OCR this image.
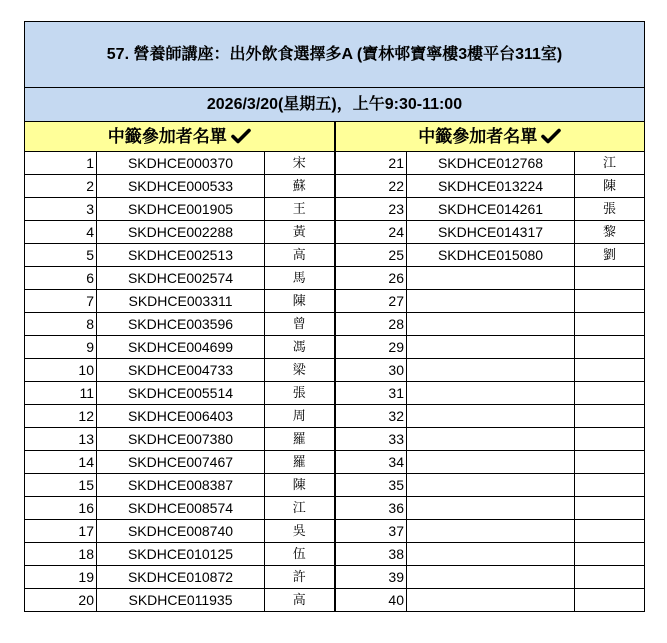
57. 營養師講座：出外飲食選擇多A (寶林邨寶寧樓3樓平台311室)					
2026/3/20(星期五)，上午9:30-11:00					
中籤參加者名單			中籤參加者名單		
1	SKDHCE000370	宋	21	SKDHCE012768	江
2	SKDHCE000533	蘇	22	SKDHCE013224	陳
3	SKDHCE001905	王	23	SKDHCE014261	張
4	SKDHCE002288	黃	24	SKDHCE014317	黎
5	SKDHCE002513	高	25	SKDHCE015080	劉
6	SKDHCE002574	馬	26		
7	SKDHCE003311	陳	27		
8	SKDHCE003596	曾	28		
9	SKDHCE004699	馮	29		
10	SKDHCE004733	梁	30		
11	SKDHCE005514	張	31		
12	SKDHCE006403	周	32		
13	SKDHCE007380	羅	33		
14	SKDHCE007467	羅	34		
15	SKDHCE008387	陳	35		
16	SKDHCE008574	江	36		
17	SKDHCE008740	吳	37		
18	SKDHCE010125	伍	38		
19	SKDHCE010872	許	39		
20	SKDHCE011935	高	40		
